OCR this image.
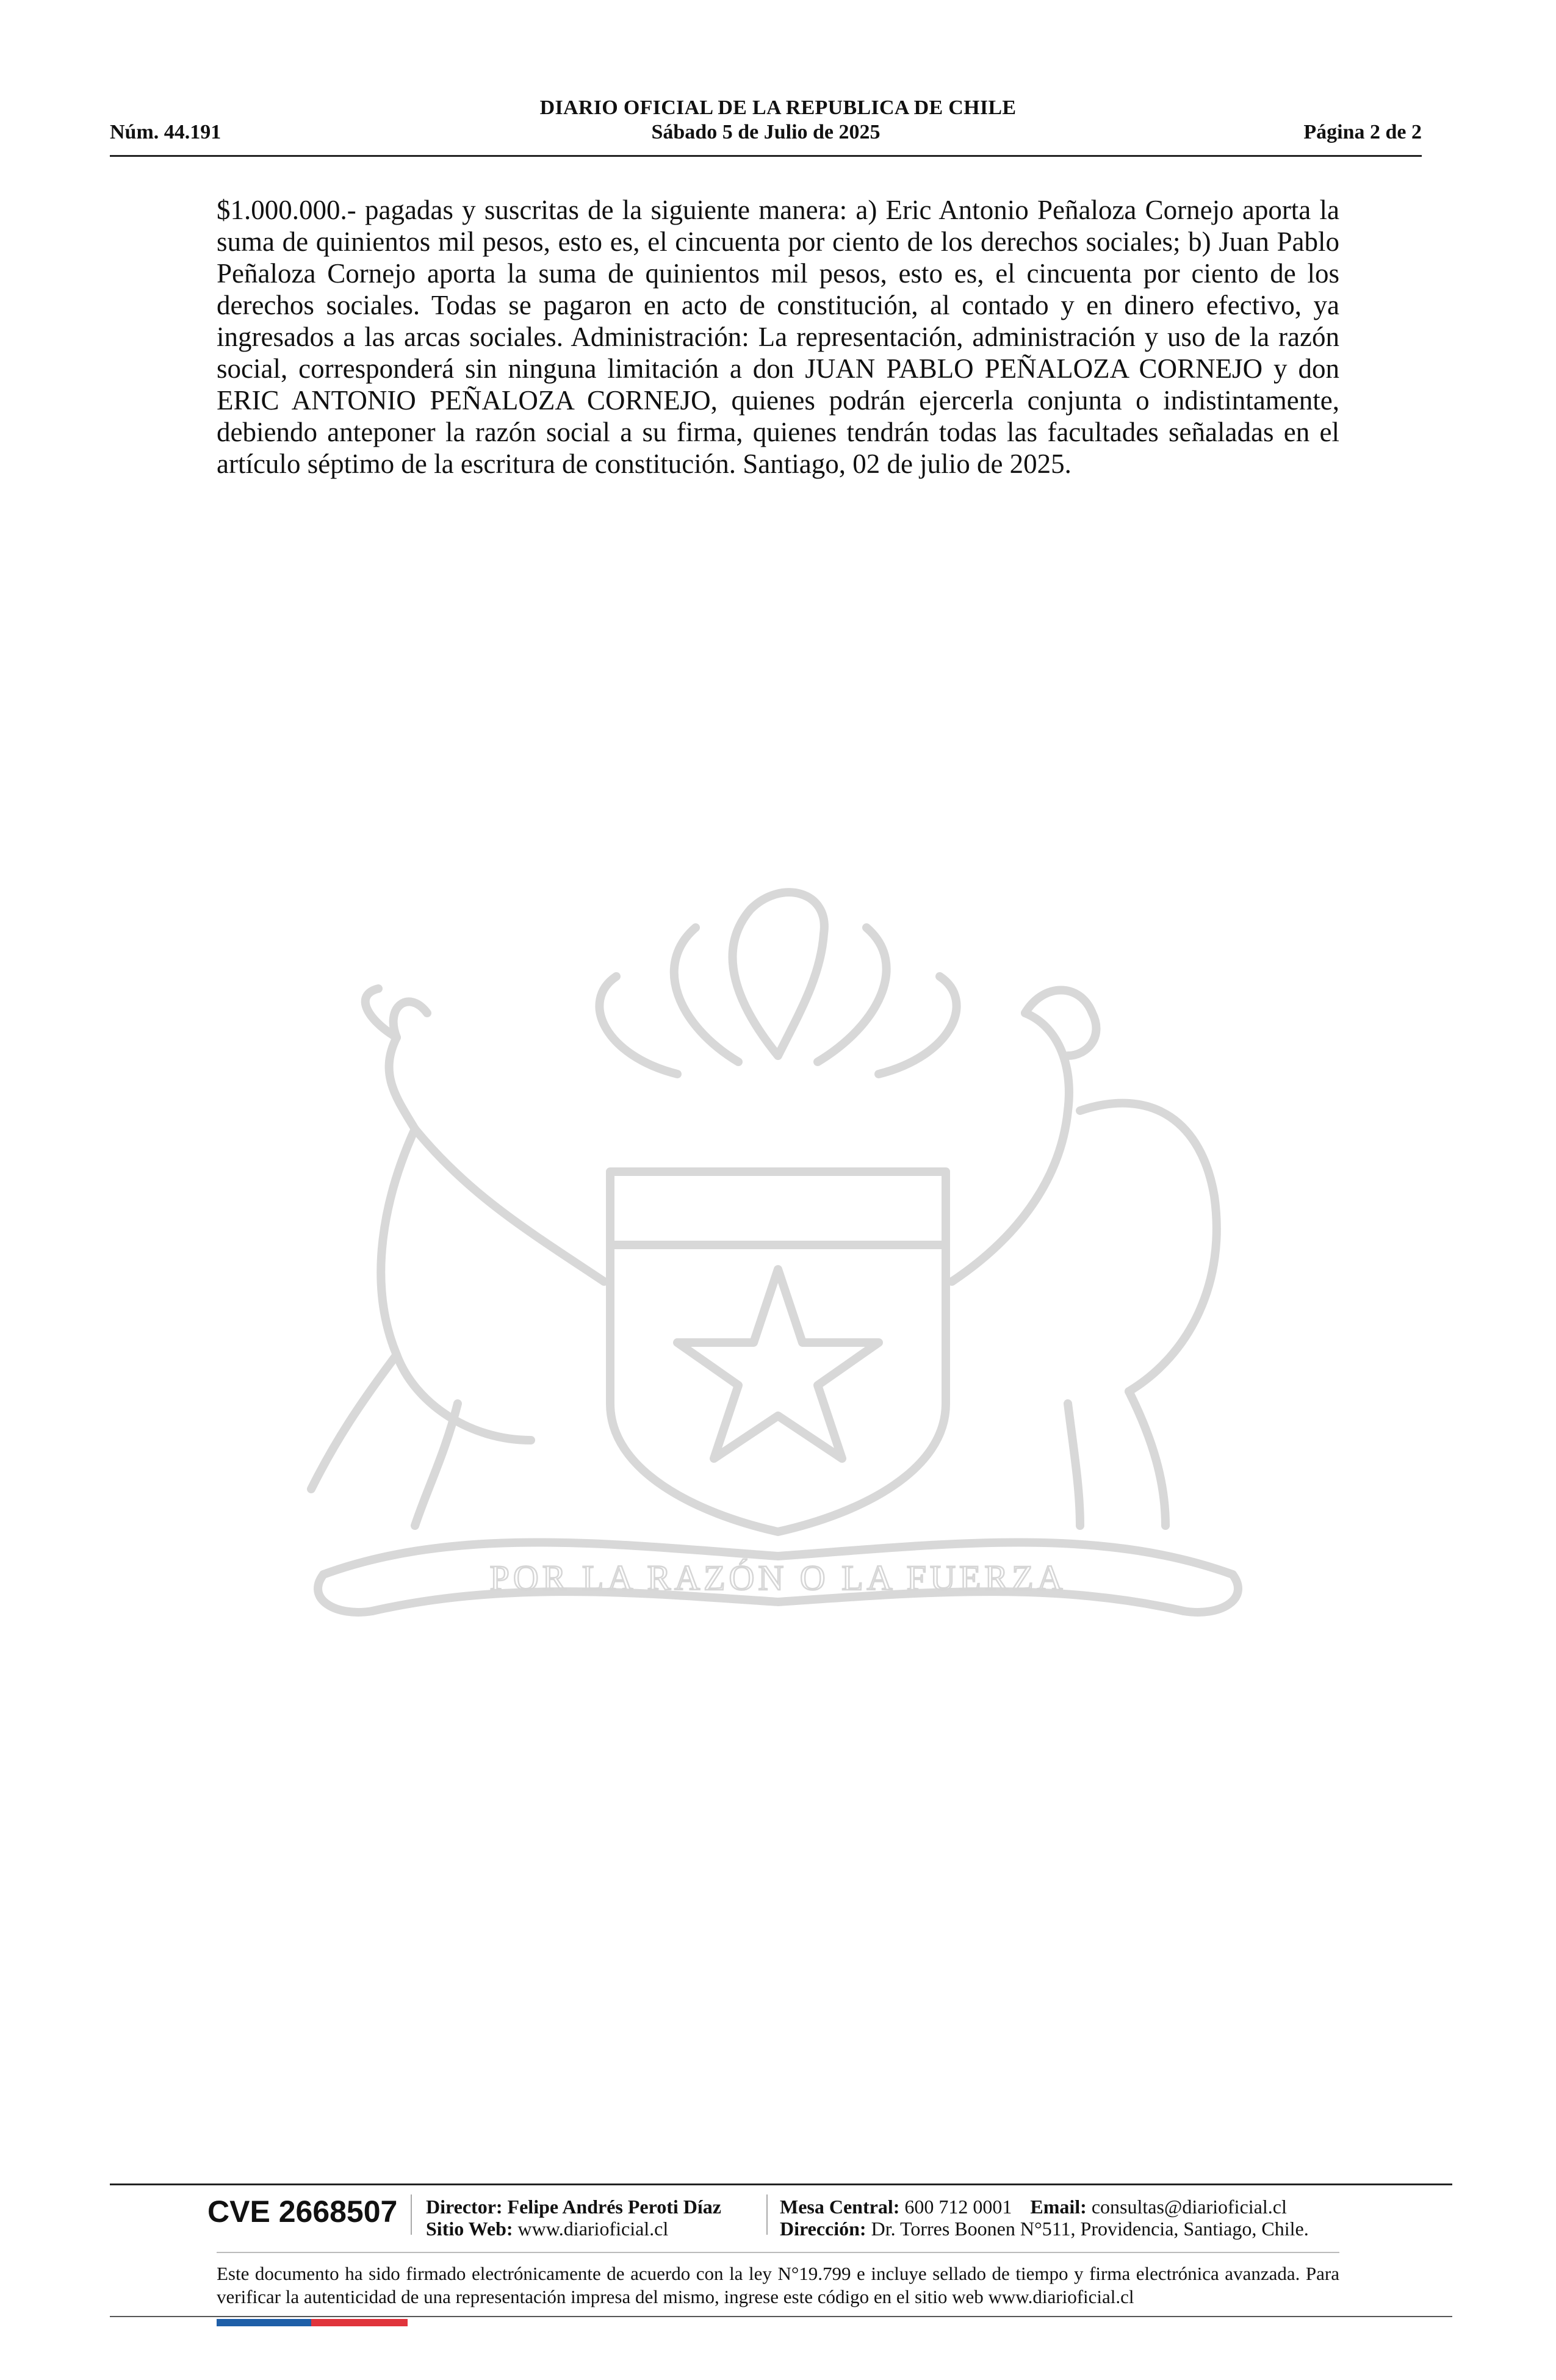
DIARIO OFICIAL DE LA REPUBLICA DE CHILE
Núm. 44.191	Sábado 5 de Julio de 2025	Página 2 de 2
POR LA RAZÓN O LA FUERZA
$1.000.000.- pagadas y suscritas de la siguiente manera: a) Eric Antonio Peñaloza Cornejo aporta la suma de quinientos mil pesos, esto es, el cincuenta por ciento de los derechos sociales; b) Juan Pablo Peñaloza Cornejo aporta la suma de quinientos mil pesos, esto es, el cincuenta por ciento de los derechos sociales. Todas se pagaron en acto de constitución, al contado y en dinero efectivo, ya ingresados a las arcas sociales. Administración: La representación, administración y uso de la razón social, corresponderá sin ninguna limitación a don JUAN PABLO PEÑALOZA CORNEJO y don ERIC ANTONIO PEÑALOZA CORNEJO, quienes podrán ejercerla conjunta o indistintamente, debiendo anteponer la razón social a su firma, quienes tendrán todas las facultades señaladas en el artículo séptimo de la escritura de constitución. Santiago, 02 de julio de 2025.
CVE 2668507 Director: Felipe Andrés Peroti Díaz
Sitio Web: www.diarioficial.cl
Mesa Central: 600 712 0001 Email: consultas@diarioficial.cl
Dirección: Dr. Torres Boonen N°511, Providencia, Santiago, Chile.
Este documento ha sido firmado electrónicamente de acuerdo con la ley N°19.799 e incluye sellado de tiempo y firma electrónica avanzada. Para verificar la autenticidad de una representación impresa del mismo, ingrese este código en el sitio web www.diarioficial.cl
